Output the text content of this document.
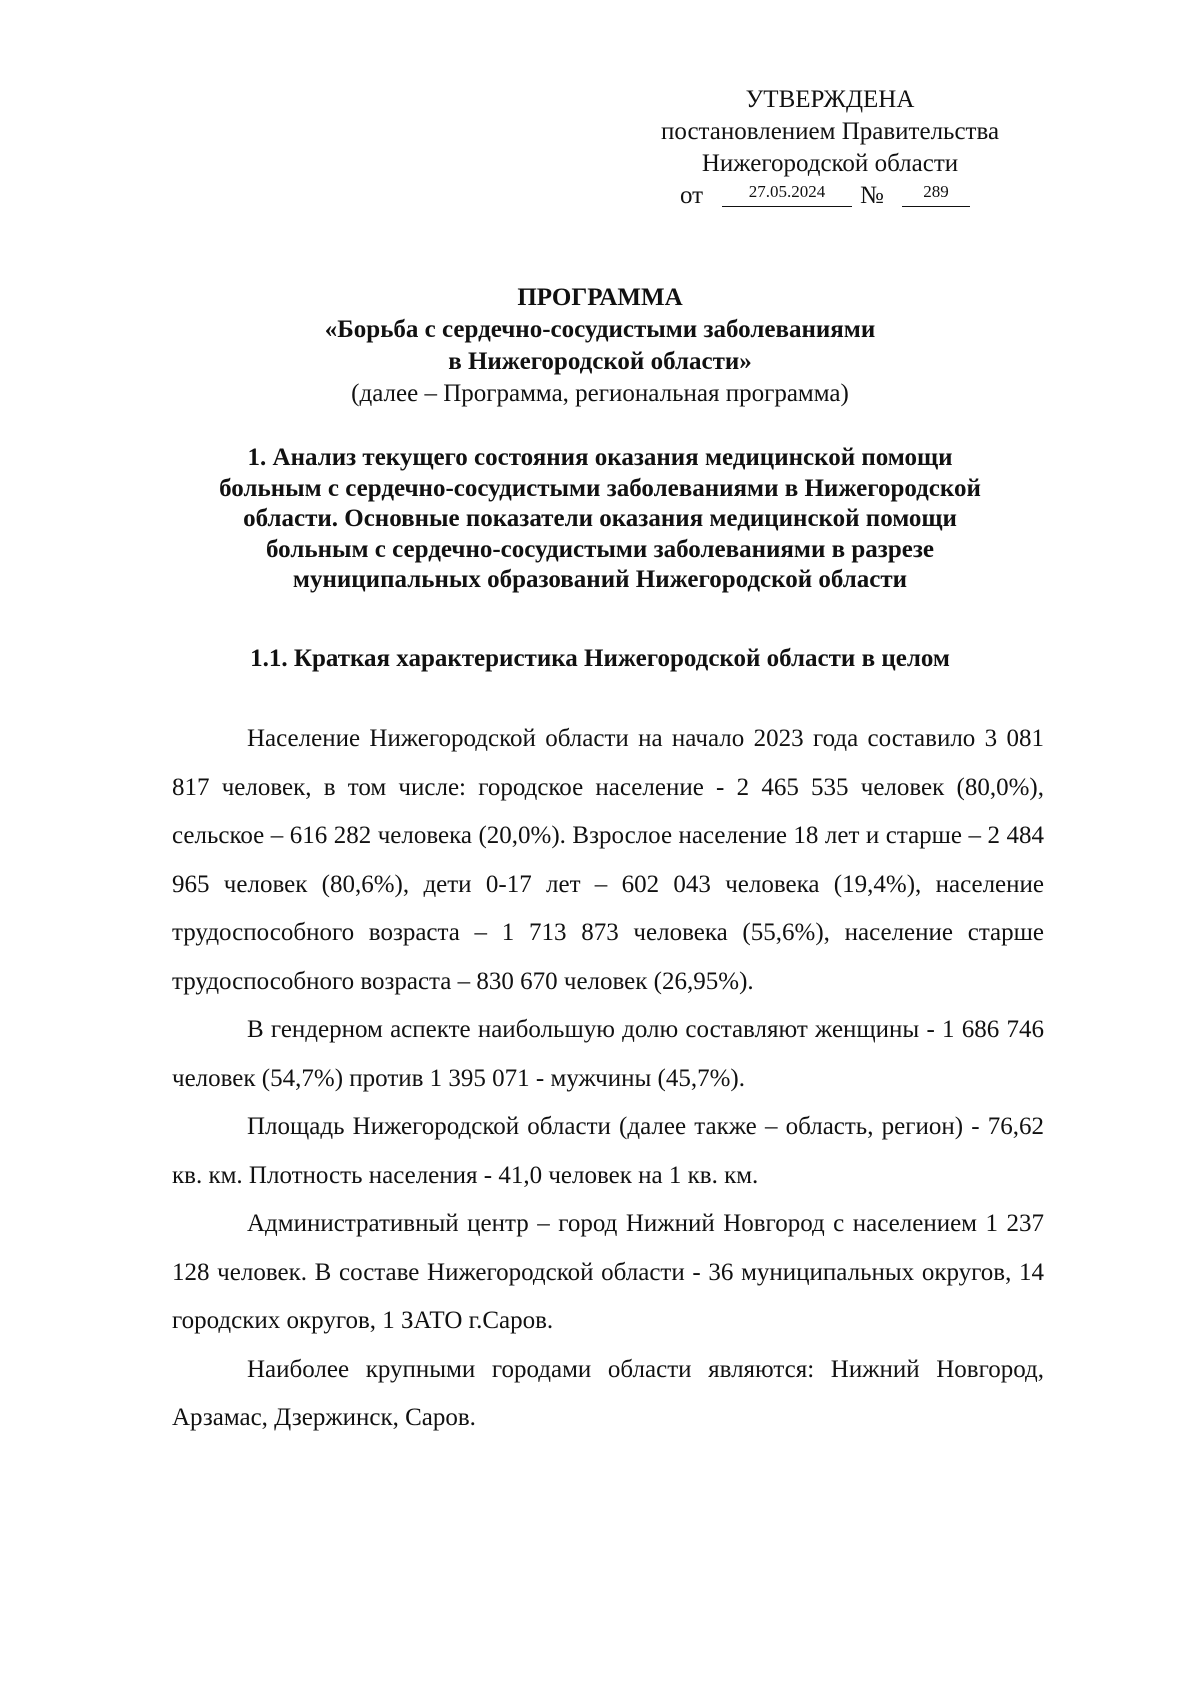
УТВЕРЖДЕНА
постановлением Правительства
Нижегородской области
от	27.05.2024	№	289
ПРОГРАММА
«Борьба с сердечно-сосудистыми заболеваниями
в Нижегородской области»
(далее – Программа, региональная программа)
1. Анализ текущего состояния оказания медицинской помощи
больным с сердечно-сосудистыми заболеваниями в Нижегородской
области. Основные показатели оказания медицинской помощи
больным с сердечно-сосудистыми заболеваниями в разрезе
муниципальных образований Нижегородской области
1.1. Краткая характеристика Нижегородской области в целом

Население Нижегородской области на начало 2023 года составило 3 081 817 человек, в том числе: городское население - 2 465 535 человек (80,0%), сельское – 616 282 человека (20,0%). Взрослое население 18 лет и старше – 2 484 965 человек (80,6%), дети 0-17 лет – 602 043 человека (19,4%), население трудоспособного возраста – 1 713 873 человека (55,6%), население старше трудоспособного возраста – 830 670 человек (26,95%).

В гендерном аспекте наибольшую долю составляют женщины - 1 686 746 человек (54,7%) против 1 395 071 - мужчины (45,7%).

Площадь Нижегородской области (далее также – область, регион) - 76,62 кв. км. Плотность населения - 41,0 человек на 1 кв. км.

Административный центр – город Нижний Новгород с населением 1 237 128 человек. В составе Нижегородской области - 36 муниципальных округов, 14 городских округов, 1 ЗАТО г.Саров.

Наиболее крупными городами области являются: Нижний Новгород, Арзамас, Дзержинск, Саров.
